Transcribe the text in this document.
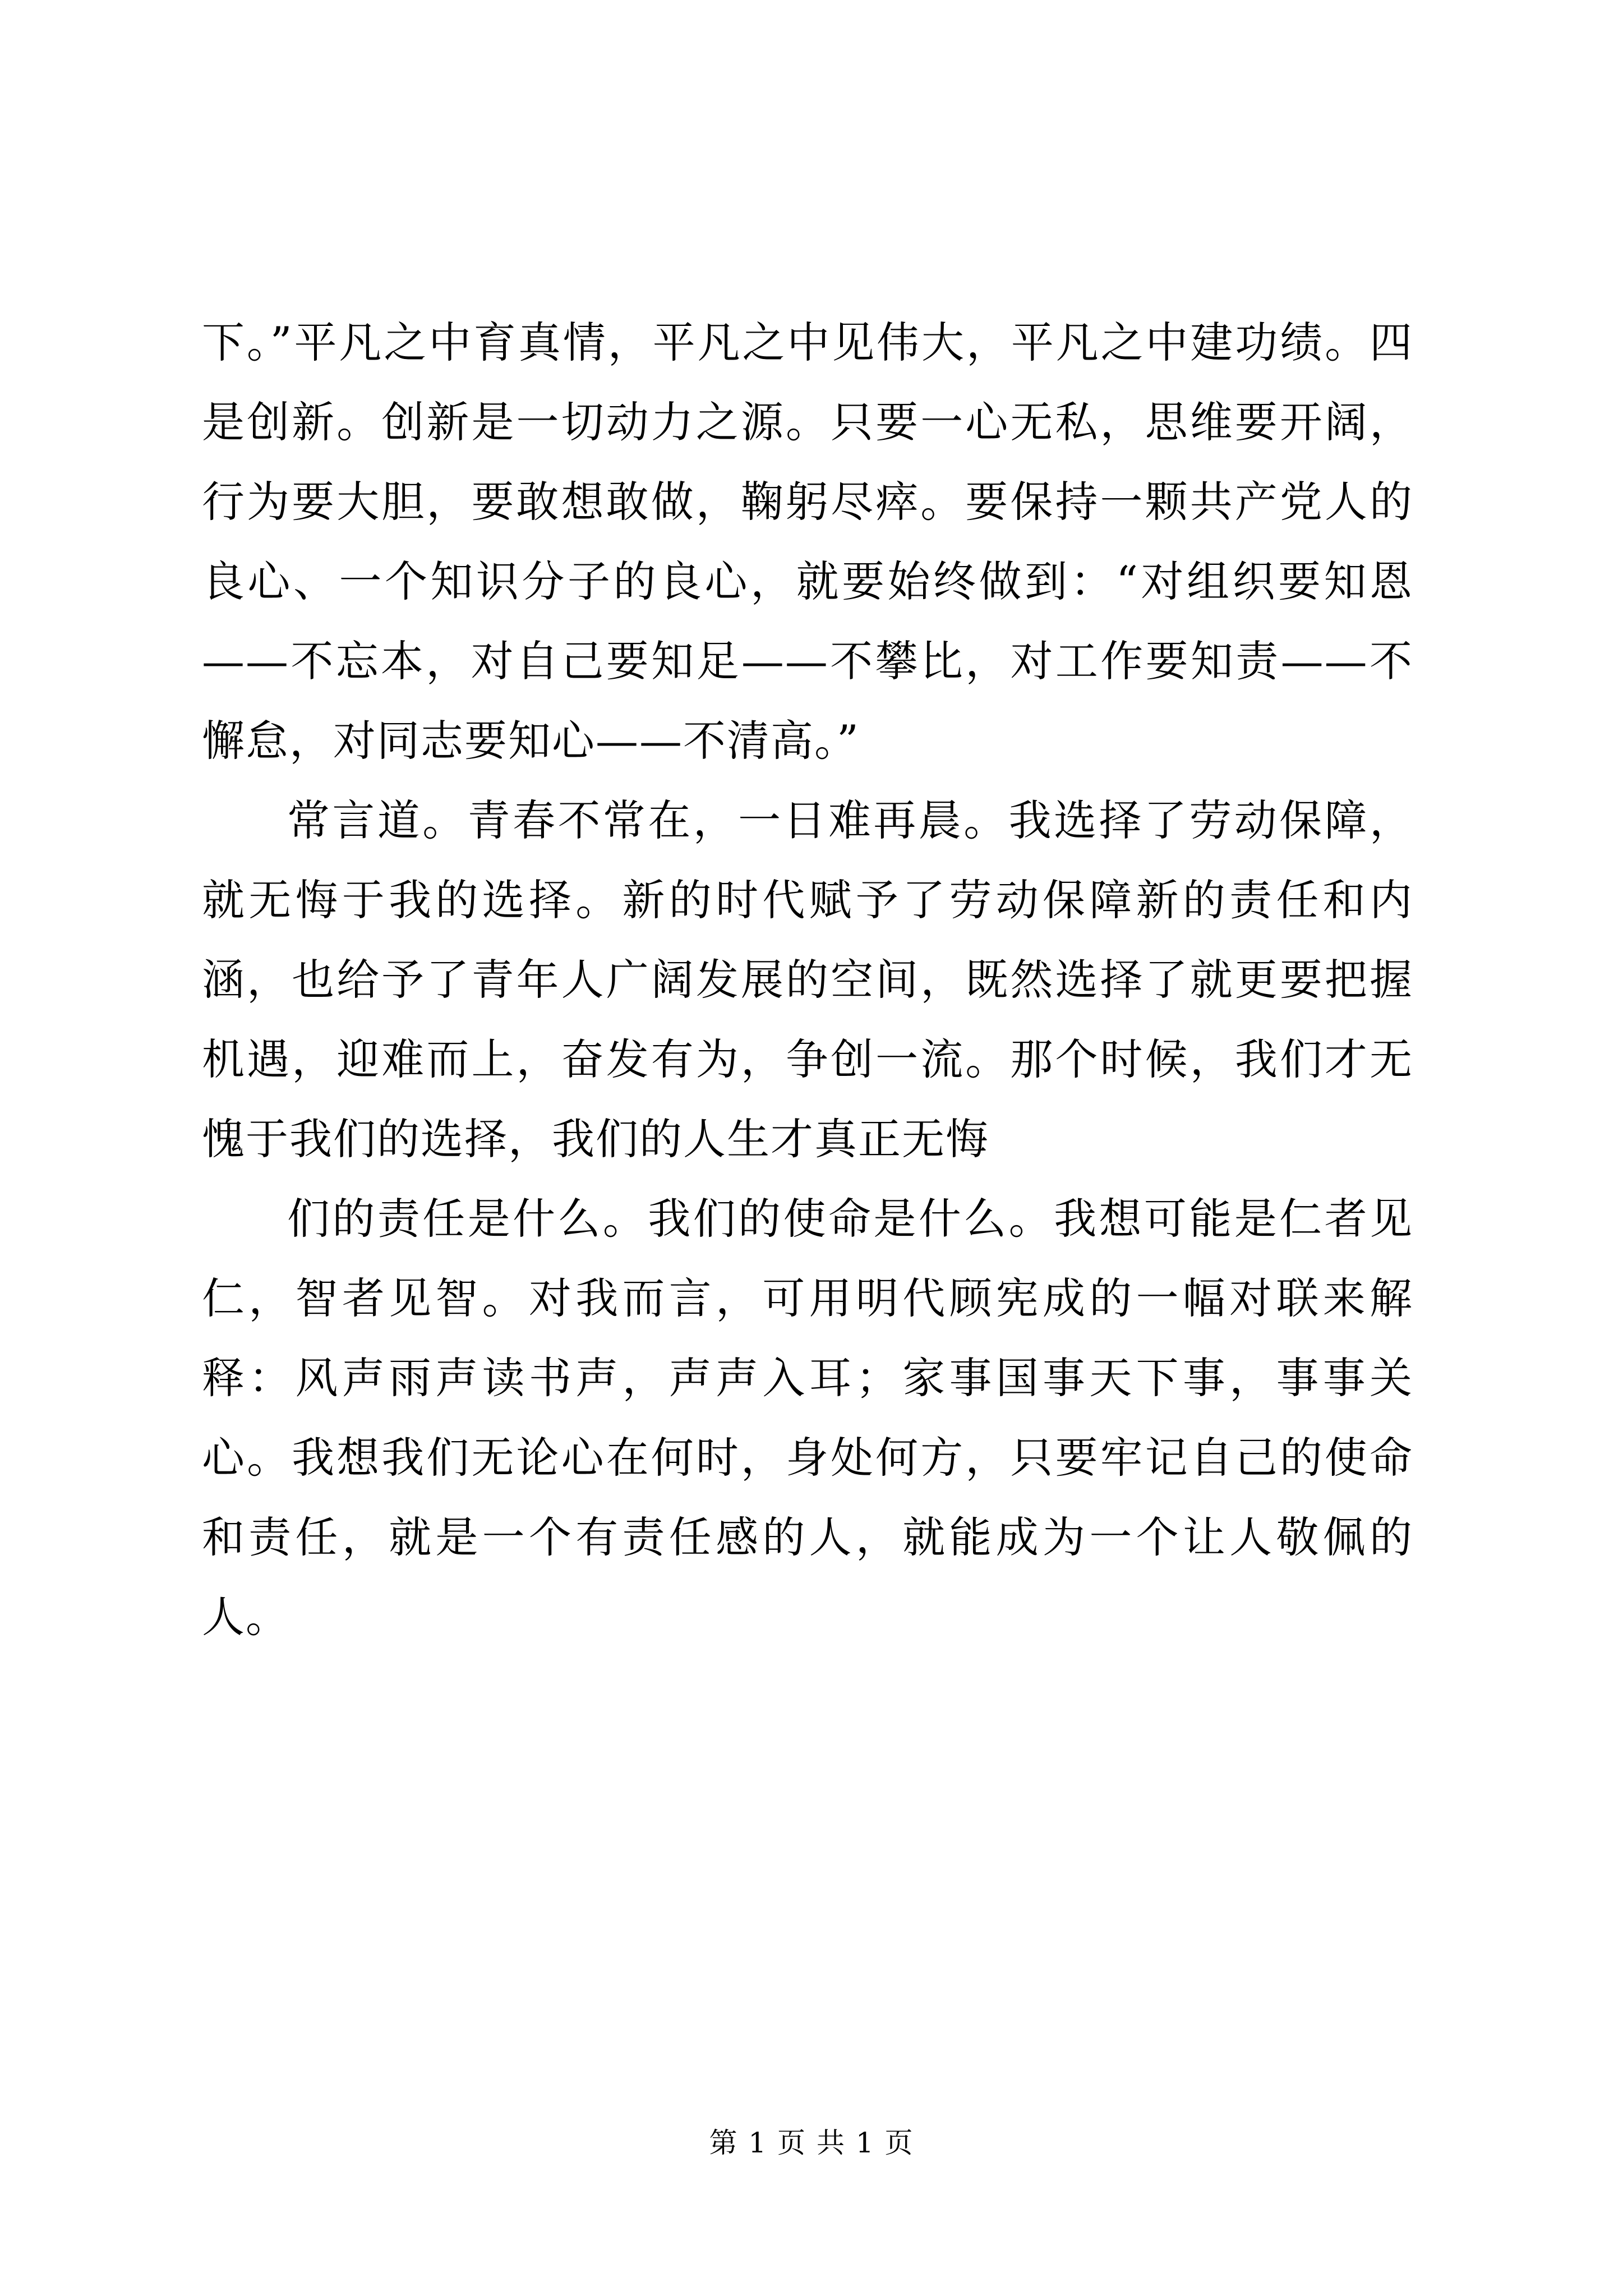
下。”平凡之中育真情，平凡之中见伟大，平凡之中建功绩。四是创新。创新是一切动力之源。只要一心无私，思维要开阔，行为要大胆，要敢想敢做，鞠躬尽瘁。要保持一颗共产党人的良心、一个知识分子的良心，就要始终做到：“对组织要知恩——不忘本，对自己要知足——不攀比，对工作要知责——不懈怠，对同志要知心——不清高。”

常言道。青春不常在，一日难再晨。我选择了劳动保障，就无悔于我的选择。新的时代赋予了劳动保障新的责任和内涵，也给予了青年人广阔发展的空间，既然选择了就更要把握机遇，迎难而上，奋发有为，争创一流。那个时候，我们才无愧于我们的选择，我们的人生才真正无悔

们的责任是什么。我们的使命是什么。我想可能是仁者见仁，智者见智。对我而言，可用明代顾宪成的一幅对联来解释：风声雨声读书声，声声入耳；家事国事天下事，事事关心。我想我们无论心在何时，身处何方，只要牢记自己的使命和责任，就是一个有责任感的人，就能成为一个让人敬佩的人。

第 1 页 共 1 页
